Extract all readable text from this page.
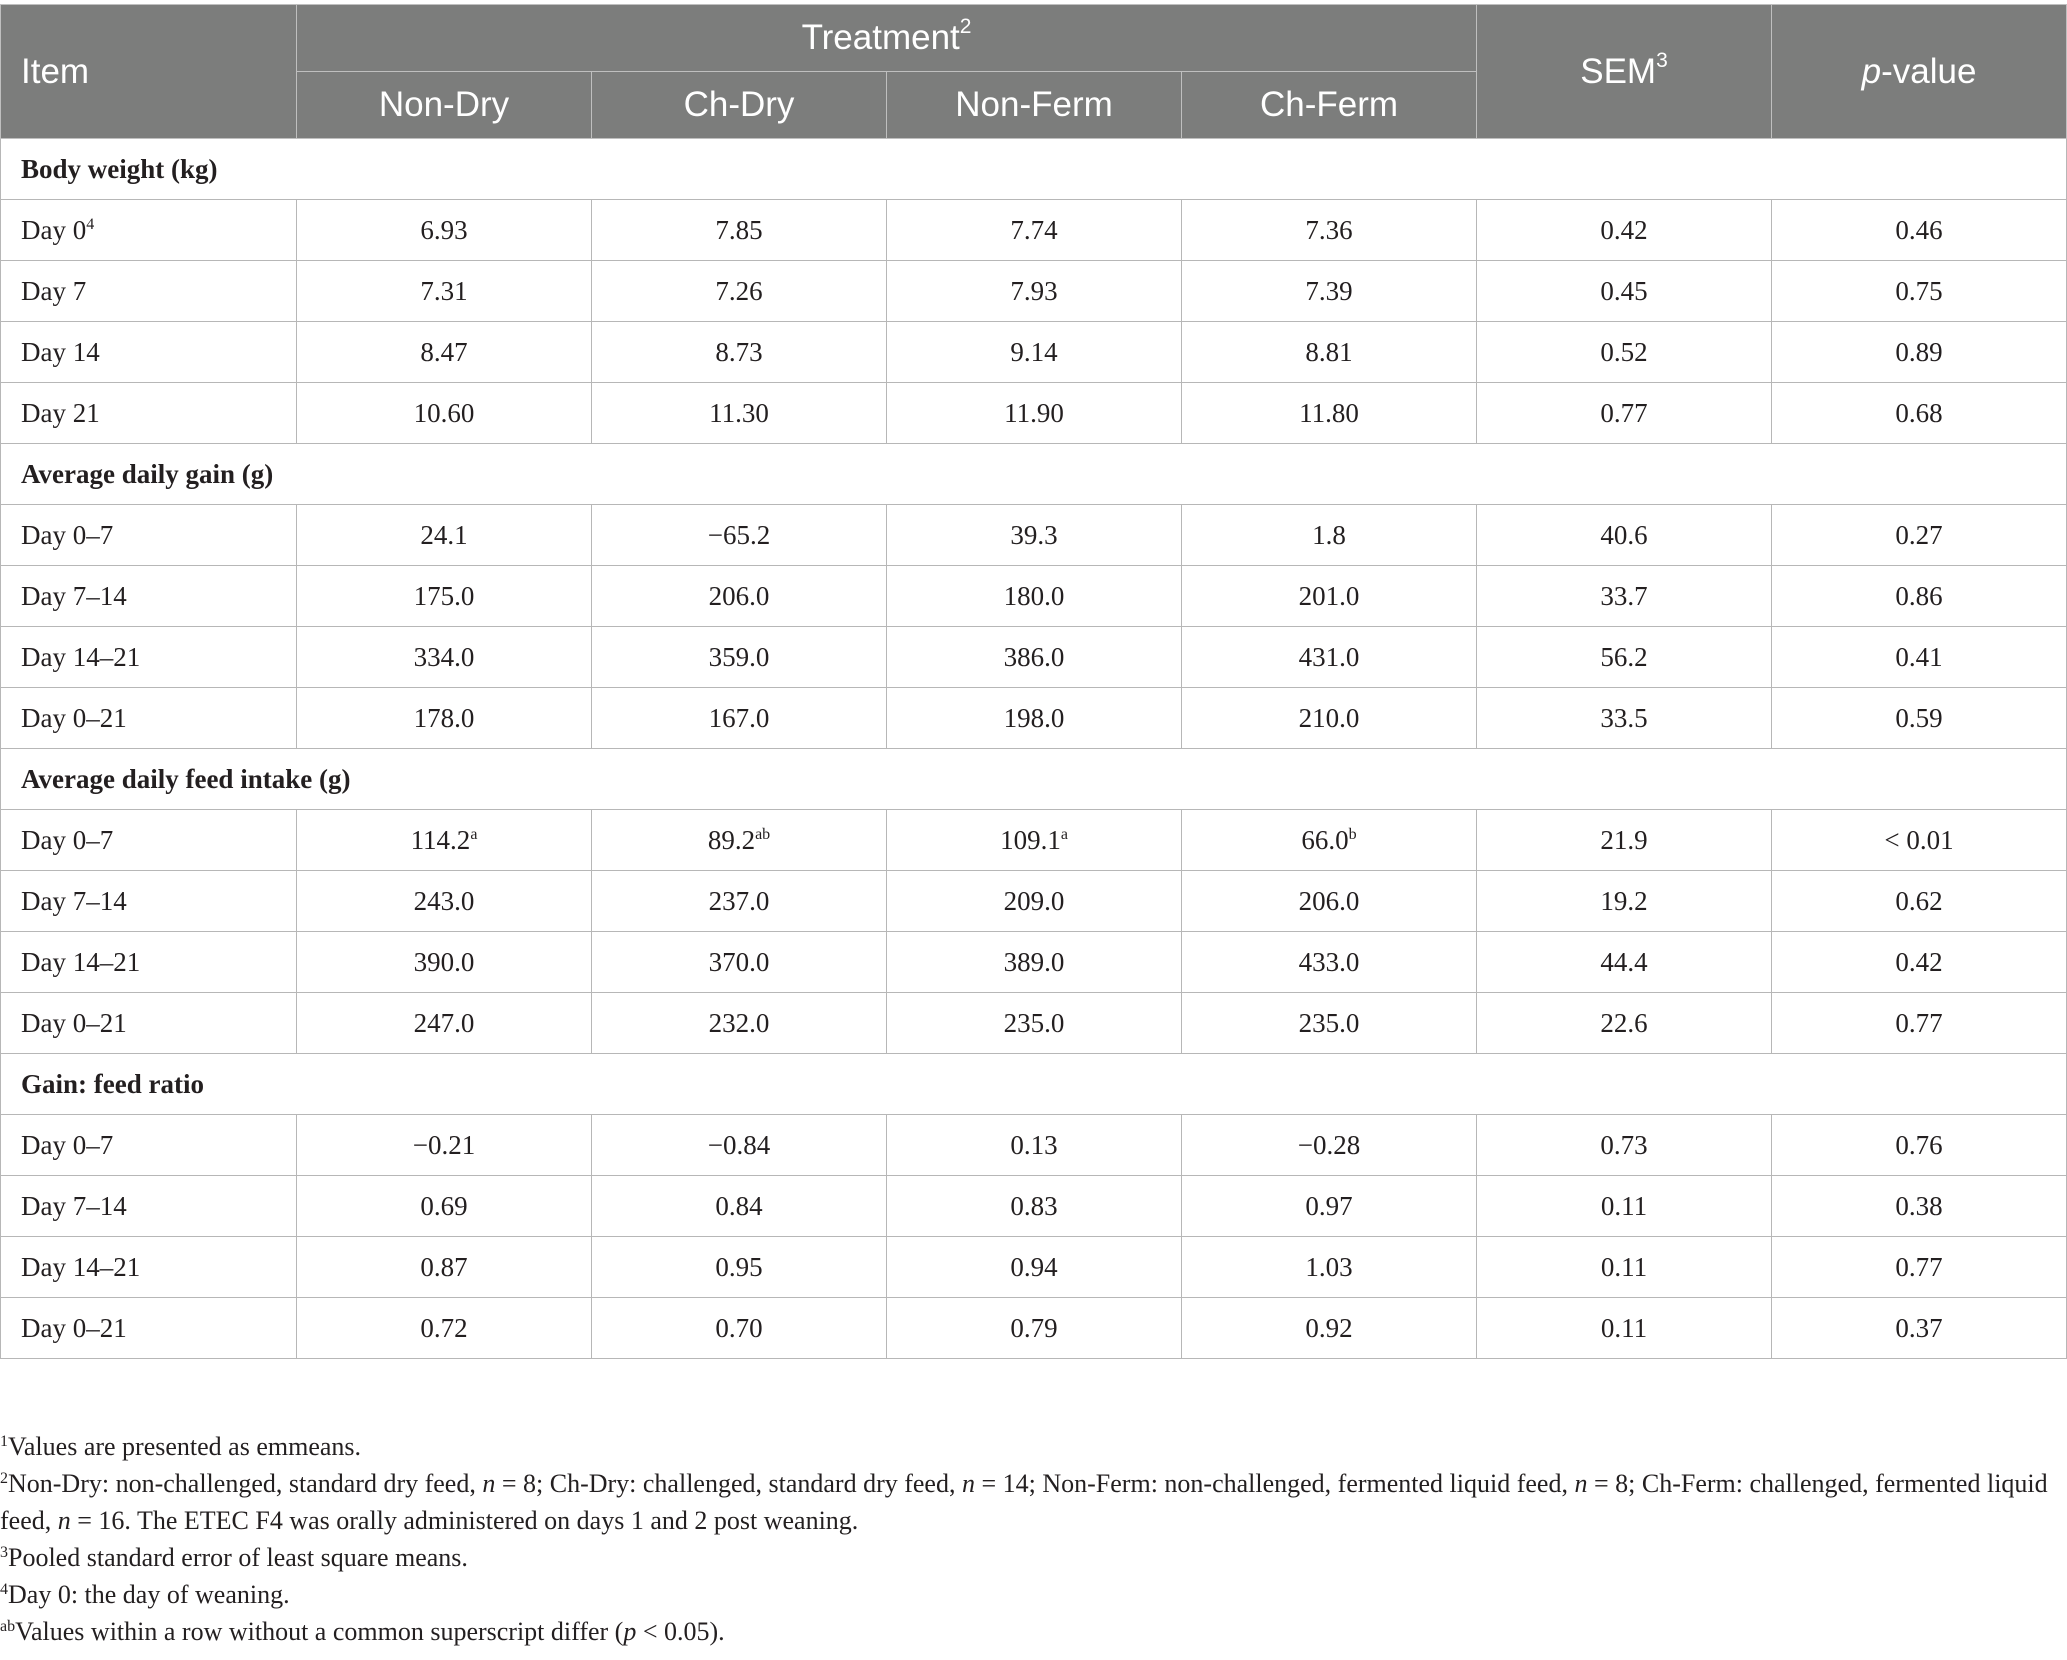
Item	Treatment$^2$				SEM$^3$	p-value
	Non-Dry	Ch-Dry	Non-Ferm	Ch-Ferm		
Body weight (kg)						
Day $0^4$	6.93	7.85	7.74	7.36	0.42	0.46
Day 7	7.31	7.26	7.93	7.39	0.45	0.75
Day 14	8.47	8.73	9.14	8.81	0.52	0.89
Day 21	10.60	11.30	11.90	11.80	0.77	0.68
Average daily gain (g)						
Day 0–7	24.1	−65.2	39.3	1.8	40.6	0.27
Day 7–14	175.0	206.0	180.0	201.0	33.7	0.86
Day 14–21	334.0	359.0	386.0	431.0	56.2	0.41
Day 0–21	178.0	167.0	198.0	210.0	33.5	0.59
Average daily feed intake (g)						
Day 0–7	114.2$^a$	89.2$^{ab}$	109.1$^a$	66.0$^b$	21.9	< 0.01
Day 7–14	243.0	237.0	209.0	206.0	19.2	0.62
Day 14–21	390.0	370.0	389.0	433.0	44.4	0.42
Day 0–21	247.0	232.0	235.0	235.0	22.6	0.77
Gain: feed ratio						
Day 0–7	−0.21	−0.84	0.13	−0.28	0.73	0.76
Day 7–14	0.69	0.84	0.83	0.97	0.11	0.38
Day 14–21	0.87	0.95	0.94	1.03	0.11	0.77
Day 0–21	0.72	0.70	0.79	0.92	0.11	0.37

$^1$Values are presented as emmeans.

$^2$Non-Dry: non-challenged, standard dry feed, n = 8; Ch-Dry: challenged, standard dry feed, n = 14; Non-Ferm: non-challenged, fermented liquid feed, n = 8; Ch-Ferm: challenged, fermented liquid feed, n = 16. The ETEC F4 was orally administered on days 1 and 2 post weaning.

$^3$Pooled standard error of least square means.

$^4$Day 0: the day of weaning.

$^{ab}$Values within a row without a common superscript differ (p < 0.05).
